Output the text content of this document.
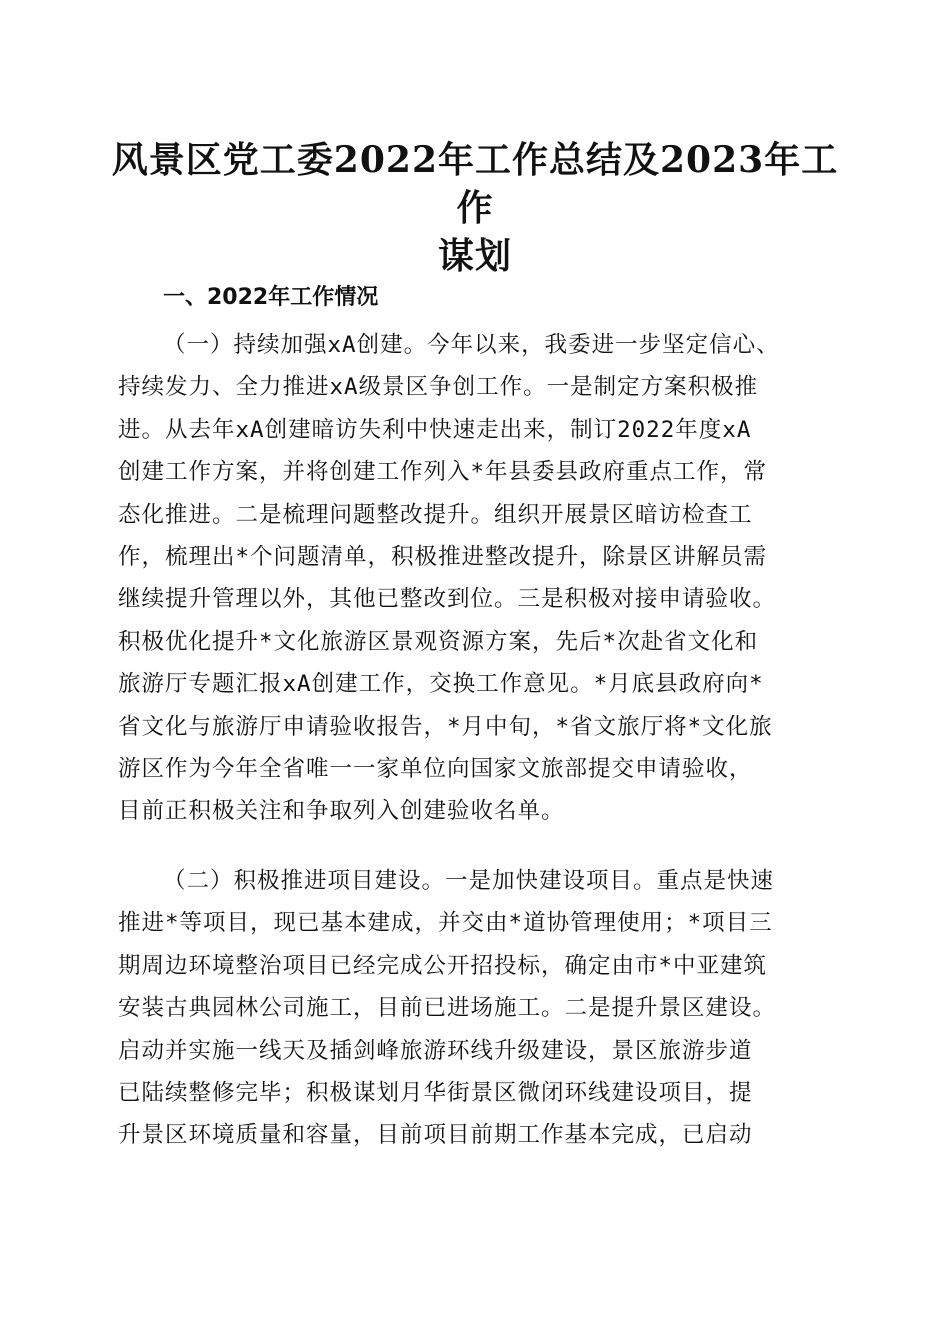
风景区党工委2022年工作总结及2023年工作
谋划
一、2022年工作情况
（一）持续加强xA创建。今年以来，我委进一步坚定信心、
持续发力、全力推进xA级景区争创工作。一是制定方案积极推
进。从去年xA创建暗访失利中快速走出来，制订2022年度xA
创建工作方案，并将创建工作列入*年县委县政府重点工作，常
态化推进。二是梳理问题整改提升。组织开展景区暗访检查工
作，梳理出*个问题清单，积极推进整改提升，除景区讲解员需
继续提升管理以外，其他已整改到位。三是积极对接申请验收。
积极优化提升*文化旅游区景观资源方案，先后*次赴省文化和
旅游厅专题汇报xA创建工作，交换工作意见。*月底县政府向*
省文化与旅游厅申请验收报告，*月中旬，*省文旅厅将*文化旅
游区作为今年全省唯一一家单位向国家文旅部提交申请验收，
目前正积极关注和争取列入创建验收名单。
（二）积极推进项目建设。一是加快建设项目。重点是快速
推进*等项目，现已基本建成，并交由*道协管理使用；*项目三
期周边环境整治项目已经完成公开招投标，确定由市*中亚建筑
安装古典园林公司施工，目前已进场施工。二是提升景区建设。
启动并实施一线天及插剑峰旅游环线升级建设，景区旅游步道
已陆续整修完毕；积极谋划月华街景区微闭环线建设项目，提
升景区环境质量和容量，目前项目前期工作基本完成，已启动
